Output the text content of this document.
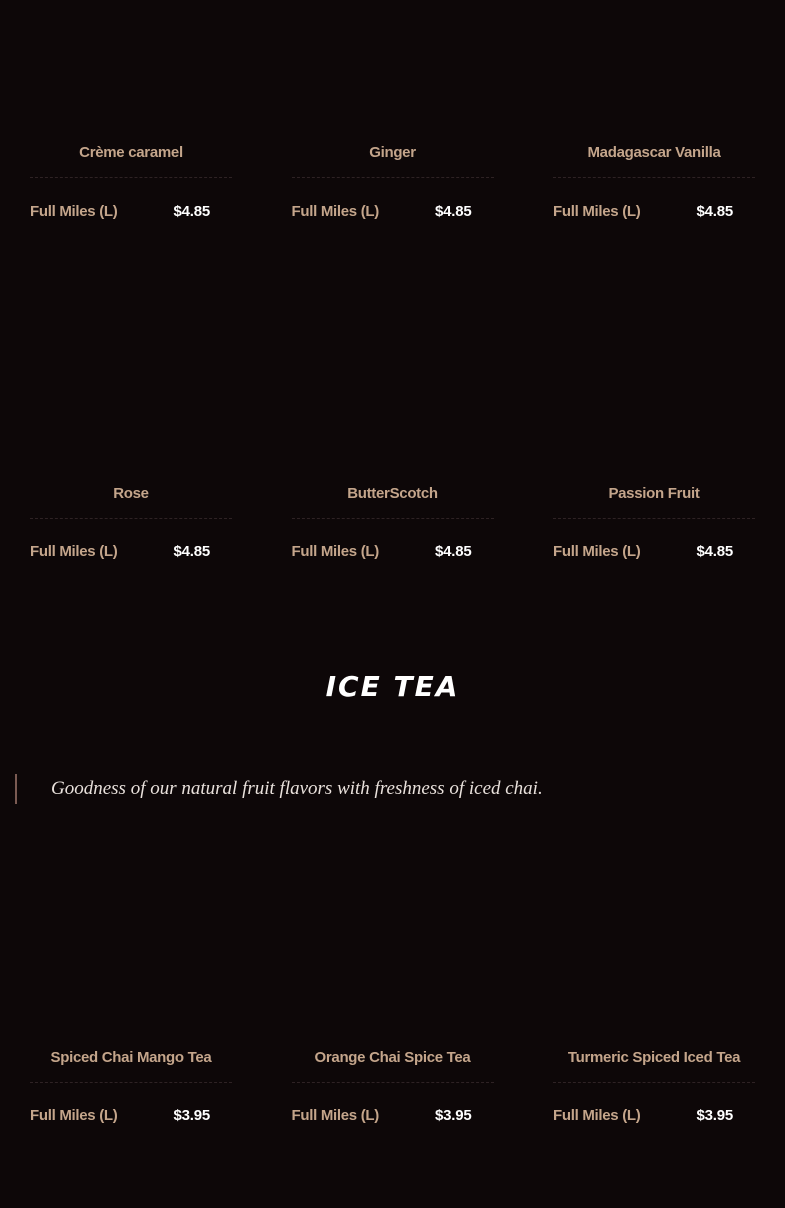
Crème caramel
Full Miles (L)	$4.85
Ginger
Full Miles (L)	$4.85
Madagascar Vanilla
Full Miles (L)	$4.85
Rose
Full Miles (L)	$4.85
ButterScotch
Full Miles (L)	$4.85
Passion Fruit
Full Miles (L)	$4.85
ICE TEA
Goodness of our natural fruit flavors with freshness of iced chai.
Spiced Chai Mango Tea
Full Miles (L)	$3.95
Orange Chai Spice Tea
Full Miles (L)	$3.95
Turmeric Spiced Iced Tea
Full Miles (L)	$3.95
